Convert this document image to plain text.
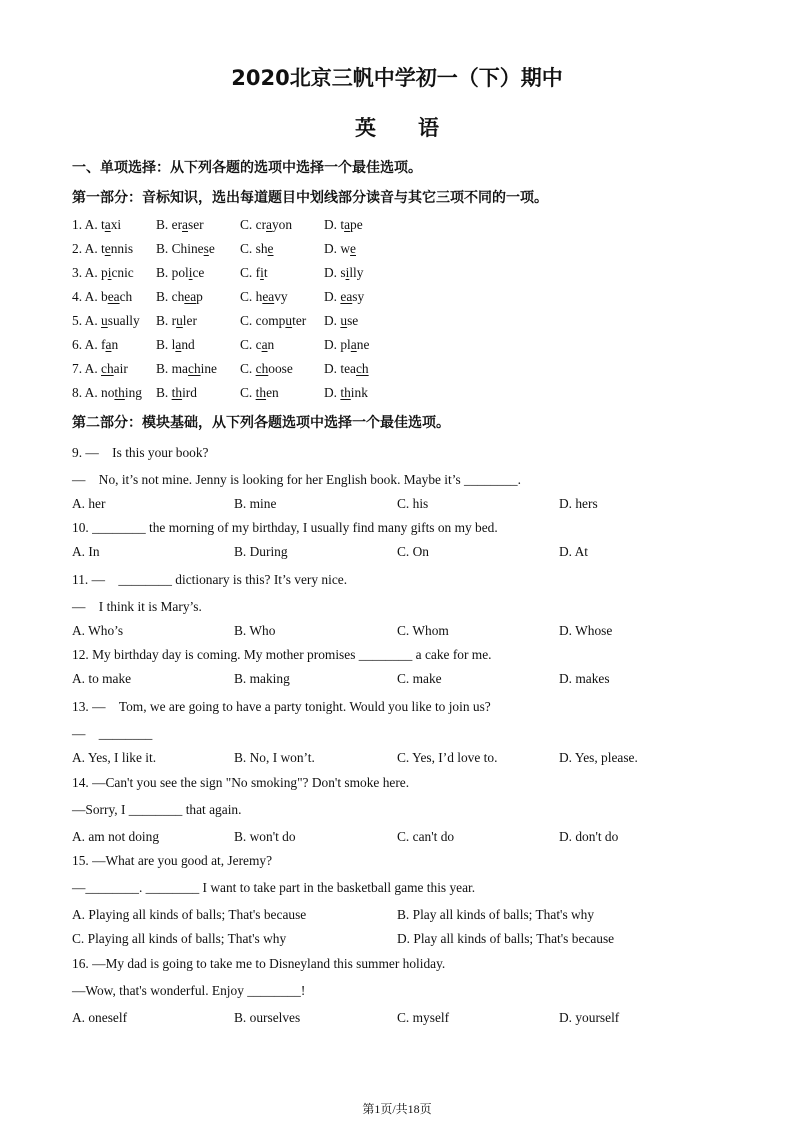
2020北京三帆中学初一（下）期中
英　　语
一、单项选择：从下列各题的选项中选择一个最佳选项。
第一部分：音标知识，选出每道题目中划线部分读音与其它三项不同的一项。
1. A. taxi	B. eraser	C. crayon D. tape
2. A. tennis B. Chinese C. she	D. we
3. A. picnic B. police	C. fit	D. silly
4. A. beach B. cheap	C. heavy	D. easy
5. A. usually B. ruler	C. computer D. use
6. A. fan	B. land	C. can	D. plane
7. A. chair B. machine C. choose D. teach
8. A. nothing B. third	C. then	D. think
第二部分：模块基础，从下列各题选项中选择一个最佳选项。
9. —　Is this your book?
—　No, it’s not mine. Jenny is looking for her English book. Maybe it’s ________.
A. her	B. mine	C. his	D. hers
10. ________ the morning of my birthday, I usually find many gifts on my bed.
A. In	B. During	C. On	D. At
11. —　________ dictionary is this? It’s very nice.
—　I think it is Mary’s.
A. Who’s	B. Who	C. Whom	D. Whose
12. My birthday day is coming. My mother promises ________ a cake for me.
A. to make	B. making	C. make	D. makes
13. —　Tom, we are going to have a party tonight. Would you like to join us?
—　________
A. Yes, I like it.	B. No, I won’t.	C. Yes, I’d love to.	D. Yes, please.
14. —Can't you see the sign "No smoking"? Don't smoke here.
—Sorry, I ________ that again.
A. am not doing	B. won't do	C. can't do	D. don't do
15. —What are you good at, Jeremy?
—________. ________ I want to take part in the basketball game this year.
A. Playing all kinds of balls; That's because	B. Play all kinds of balls; That's why
C. Playing all kinds of balls; That's why	D. Play all kinds of balls; That's because
16. —My dad is going to take me to Disneyland this summer holiday.
—Wow, that's wonderful. Enjoy ________!
A. oneself	B. ourselves	C. myself	D. yourself
第1页/共18页
